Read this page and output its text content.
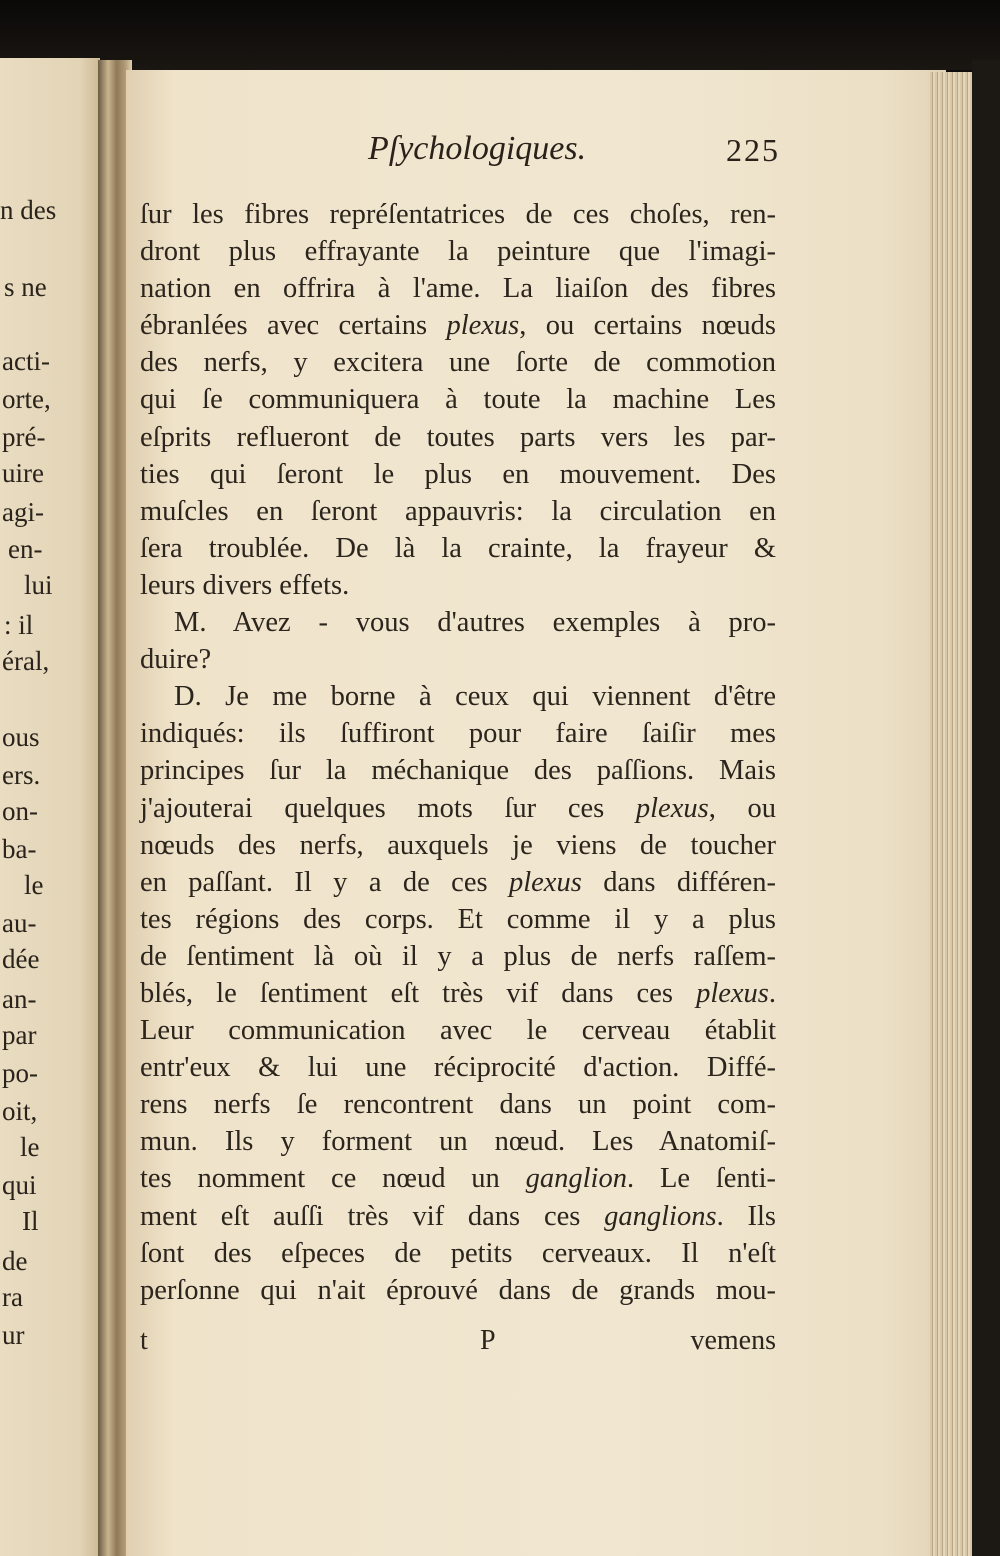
n des
s ne
acti-
orte,
pré-
uire
agi-
en-
lui
: il
éral,
ous
ers.
on-
ba-
le
au-
dée
an-
par
po-
oit,
le
qui
Il
de
ra
ur
Pſychologiques.	225
ſur les fibres repréſentatrices de ces choſes, ren-
dront plus effrayante la peinture que l'imagi-
nation en offrira à l'ame. La liaiſon des fibres
ébranlées avec certains plexus, ou certains nœuds
des nerfs, y excitera une ſorte de commotion
qui ſe communiquera à toute la machine Les
eſprits reflueront de toutes parts vers les par-
ties qui ſeront le plus en mouvement. Des
muſcles en ſeront appauvris: la circulation en
ſera troublée. De là la crainte, la frayeur &
leurs divers effets.
M. Avez - vous d'autres exemples à pro-
duire?
D. Je me borne à ceux qui viennent d'être
indiqués: ils ſuffiront pour faire ſaiſir mes
principes ſur la méchanique des paſſions. Mais
j'ajouterai quelques mots ſur ces plexus, ou
nœuds des nerfs, auxquels je viens de toucher
en paſſant. Il y a de ces plexus dans différen-
tes régions des corps. Et comme il y a plus
de ſentiment là où il y a plus de nerfs raſſem-
blés, le ſentiment eſt très vif dans ces plexus.
Leur communication avec le cerveau établit
entr'eux & lui une réciprocité d'action. Diffé-
rens nerfs ſe rencontrent dans un point com-
mun. Ils y forment un nœud. Les Anatomiſ-
tes nomment ce nœud un ganglion. Le ſenti-
ment eſt auſſi très vif dans ces ganglions. Ils
ſont des eſpeces de petits cerveaux. Il n'eſt
perſonne qui n'ait éprouvé dans de grands mou-
t	P	vemens
